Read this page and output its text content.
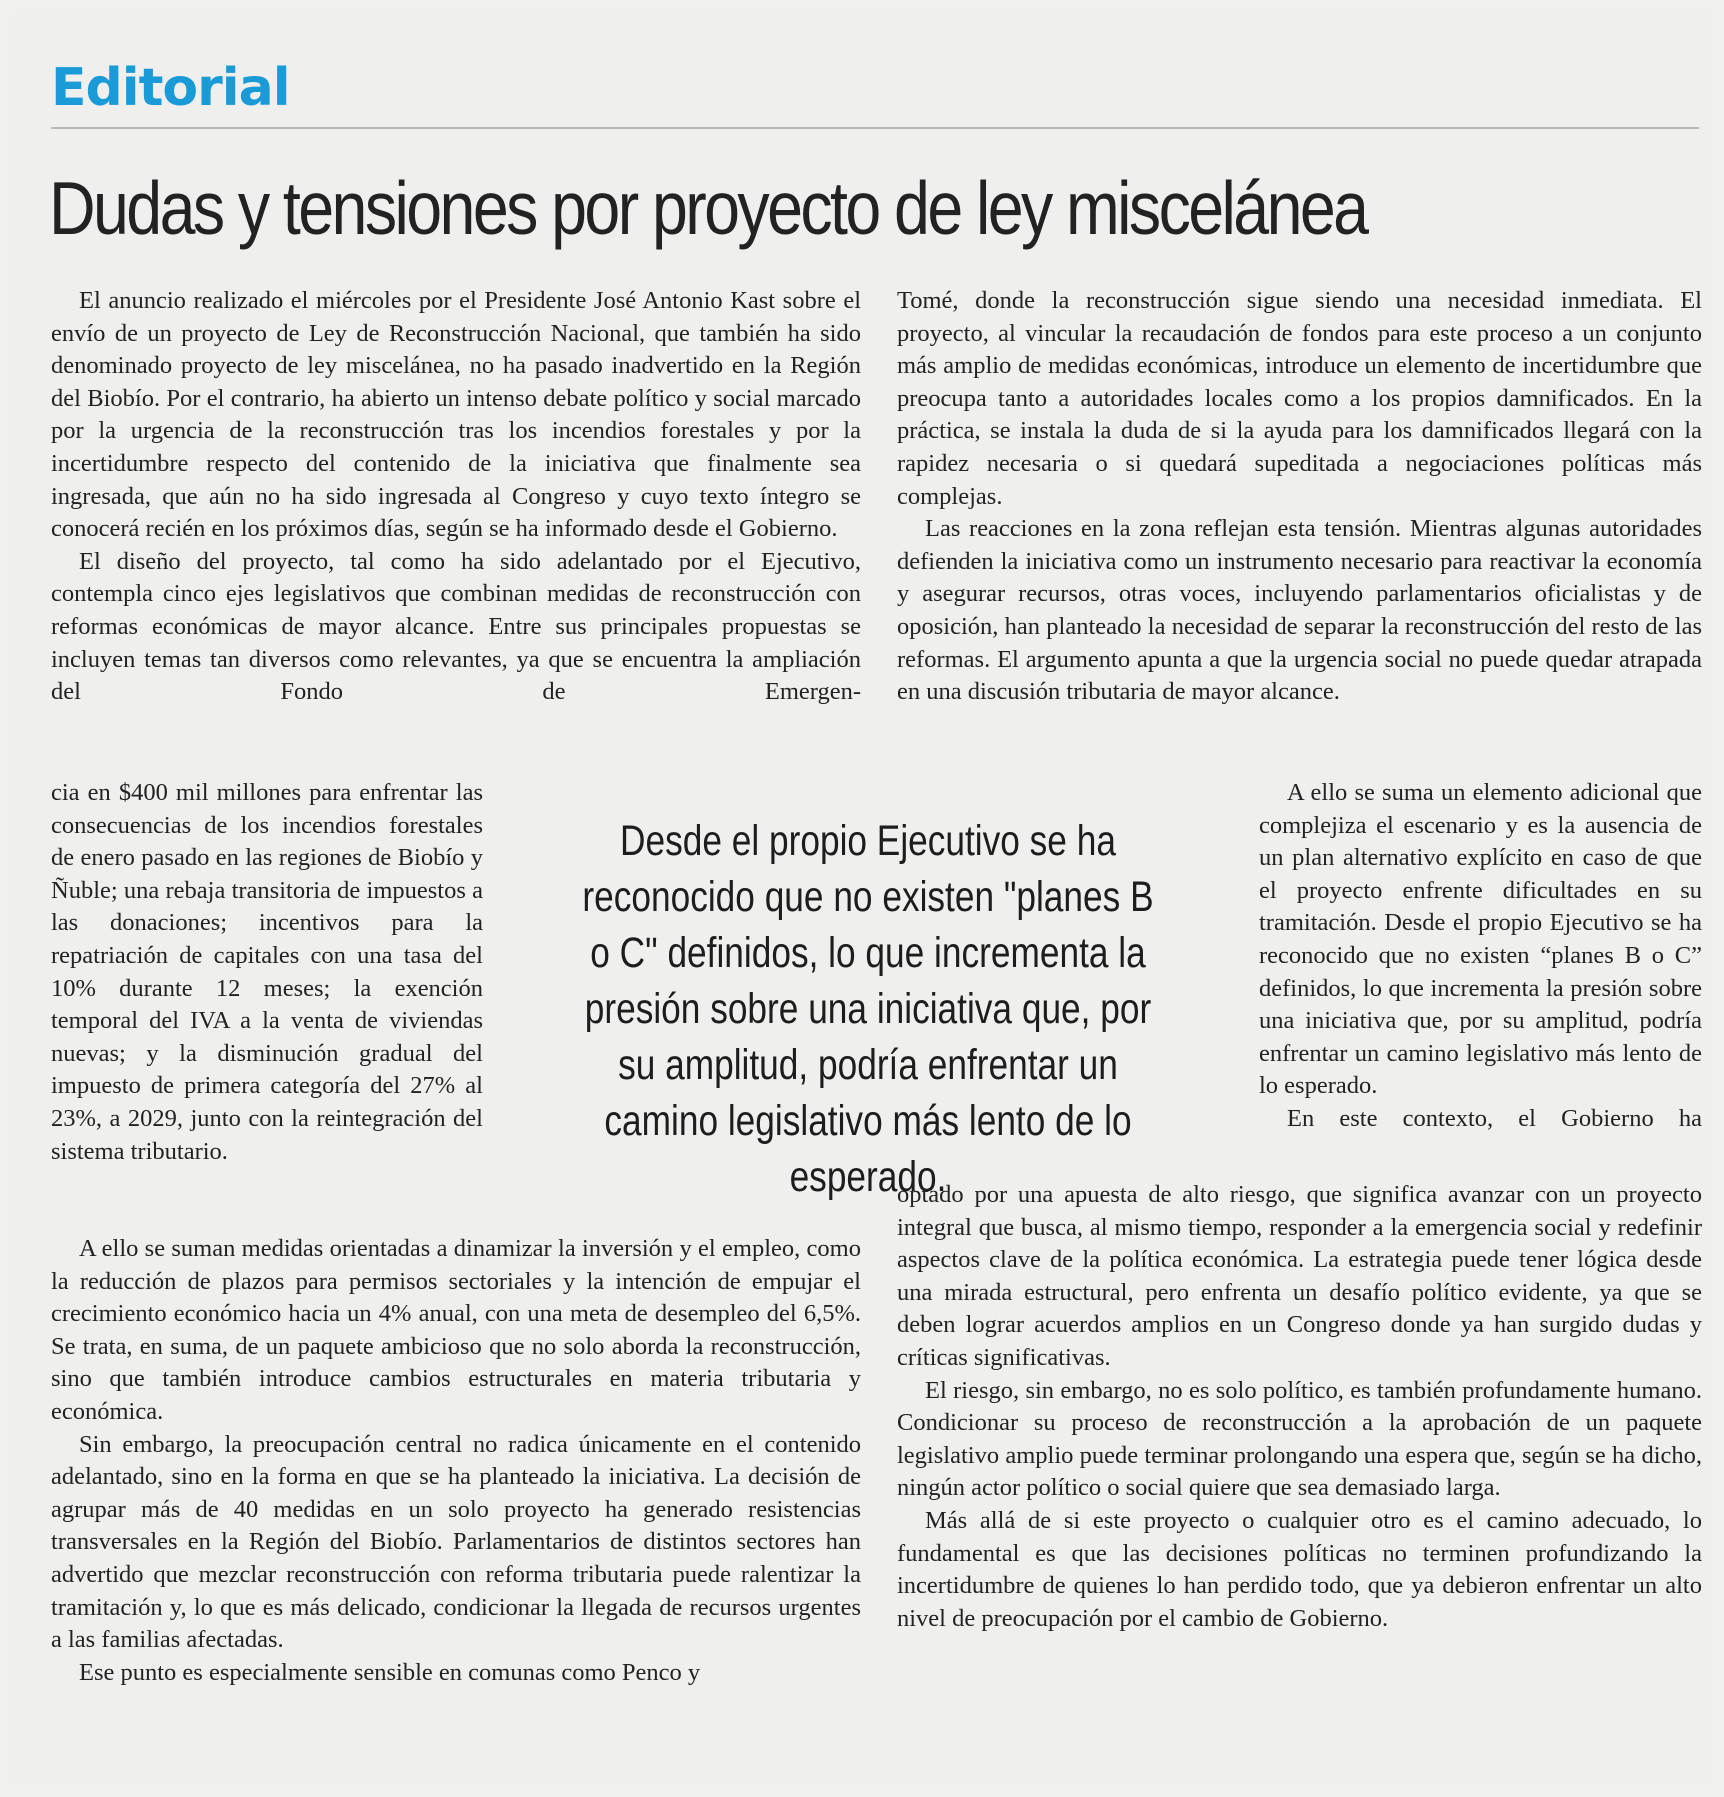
Editorial
Dudas y tensiones por proyecto de ley miscelánea

El anuncio realizado el miércoles por el Presidente José Antonio Kast sobre el envío de un proyecto de Ley de Reconstrucción Nacional, que también ha sido denominado proyecto de ley miscelánea, no ha pasado inadvertido en la Región del Biobío. Por el contrario, ha abierto un intenso debate político y social marcado por la urgencia de la reconstrucción tras los incendios forestales y por la incertidumbre respecto del contenido de la iniciativa que finalmente sea ingresada, que aún no ha sido ingresada al Congreso y cuyo texto íntegro se conocerá recién en los próximos días, según se ha informado desde el Gobierno.

El diseño del proyecto, tal como ha sido adelantado por el Ejecutivo, contempla cinco ejes legislativos que combinan medidas de reconstrucción con reformas económicas de mayor alcance. Entre sus principales propuestas se incluyen temas tan diversos como relevantes, ya que se encuentra la ampliación del Fondo de Emergen-

cia en $400 mil millones para enfrentar las consecuencias de los incendios forestales de enero pasado en las regiones de Biobío y Ñuble; una rebaja transitoria de impuestos a las donaciones; incentivos para la repatriación de capitales con una tasa del 10% durante 12 meses; la exención temporal del IVA a la venta de viviendas nuevas; y la disminución gradual del impuesto de primera categoría del 27% al 23%, a 2029, junto con la reintegración del sistema tributario.

Desde el propio Ejecutivo se ha reconocido que no existen "planes B o C" definidos, lo que incrementa la presión sobre una iniciativa que, por su amplitud, podría enfrentar un camino legislativo más lento de lo esperado.

A ello se suman medidas orientadas a dinamizar la inversión y el empleo, como la reducción de plazos para permisos sectoriales y la intención de empujar el crecimiento económico hacia un 4% anual, con una meta de desempleo del 6,5%. Se trata, en suma, de un paquete ambicioso que no solo aborda la reconstrucción, sino que también introduce cambios estructurales en materia tributaria y económica.

Sin embargo, la preocupación central no radica únicamente en el contenido adelantado, sino en la forma en que se ha planteado la iniciativa. La decisión de agrupar más de 40 medidas en un solo proyecto ha generado resistencias transversales en la Región del Biobío. Parlamentarios de distintos sectores han advertido que mezclar reconstrucción con reforma tributaria puede ralentizar la tramitación y, lo que es más delicado, condicionar la llegada de recursos urgentes a las familias afectadas.

Ese punto es especialmente sensible en comunas como Penco y

Tomé, donde la reconstrucción sigue siendo una necesidad inmediata. El proyecto, al vincular la recaudación de fondos para este proceso a un conjunto más amplio de medidas económicas, introduce un elemento de incertidumbre que preocupa tanto a autoridades locales como a los propios damnificados. En la práctica, se instala la duda de si la ayuda para los damnificados llegará con la rapidez necesaria o si quedará supeditada a negociaciones políticas más complejas.

Las reacciones en la zona reflejan esta tensión. Mientras algunas autoridades defienden la iniciativa como un instrumento necesario para reactivar la economía y asegurar recursos, otras voces, incluyendo parlamentarios oficialistas y de oposición, han planteado la necesidad de separar la reconstrucción del resto de las reformas. El argumento apunta a que la urgencia social no puede quedar atrapada en una discusión tributaria de mayor alcance.

A ello se suma un elemento adicional que complejiza el escenario y es la ausencia de un plan alternativo explícito en caso de que el proyecto enfrente dificultades en su tramitación. Desde el propio Ejecutivo se ha reconocido que no existen “planes B o C” definidos, lo que incrementa la presión sobre una iniciativa que, por su amplitud, podría enfrentar un camino legislativo más lento de lo esperado.

En este contexto, el Gobierno ha

optado por una apuesta de alto riesgo, que significa avanzar con un proyecto integral que busca, al mismo tiempo, responder a la emergencia social y redefinir aspectos clave de la política económica. La estrategia puede tener lógica desde una mirada estructural, pero enfrenta un desafío político evidente, ya que se deben lograr acuerdos amplios en un Congreso donde ya han surgido dudas y críticas significativas.

El riesgo, sin embargo, no es solo político, es también profundamente humano. Condicionar su proceso de reconstrucción a la aprobación de un paquete legislativo amplio puede terminar prolongando una espera que, según se ha dicho, ningún actor político o social quiere que sea demasiado larga.

Más allá de si este proyecto o cualquier otro es el camino adecuado, lo fundamental es que las decisiones políticas no terminen profundizando la incertidumbre de quienes lo han perdido todo, que ya debieron enfrentar un alto nivel de preocupación por el cambio de Gobierno.
